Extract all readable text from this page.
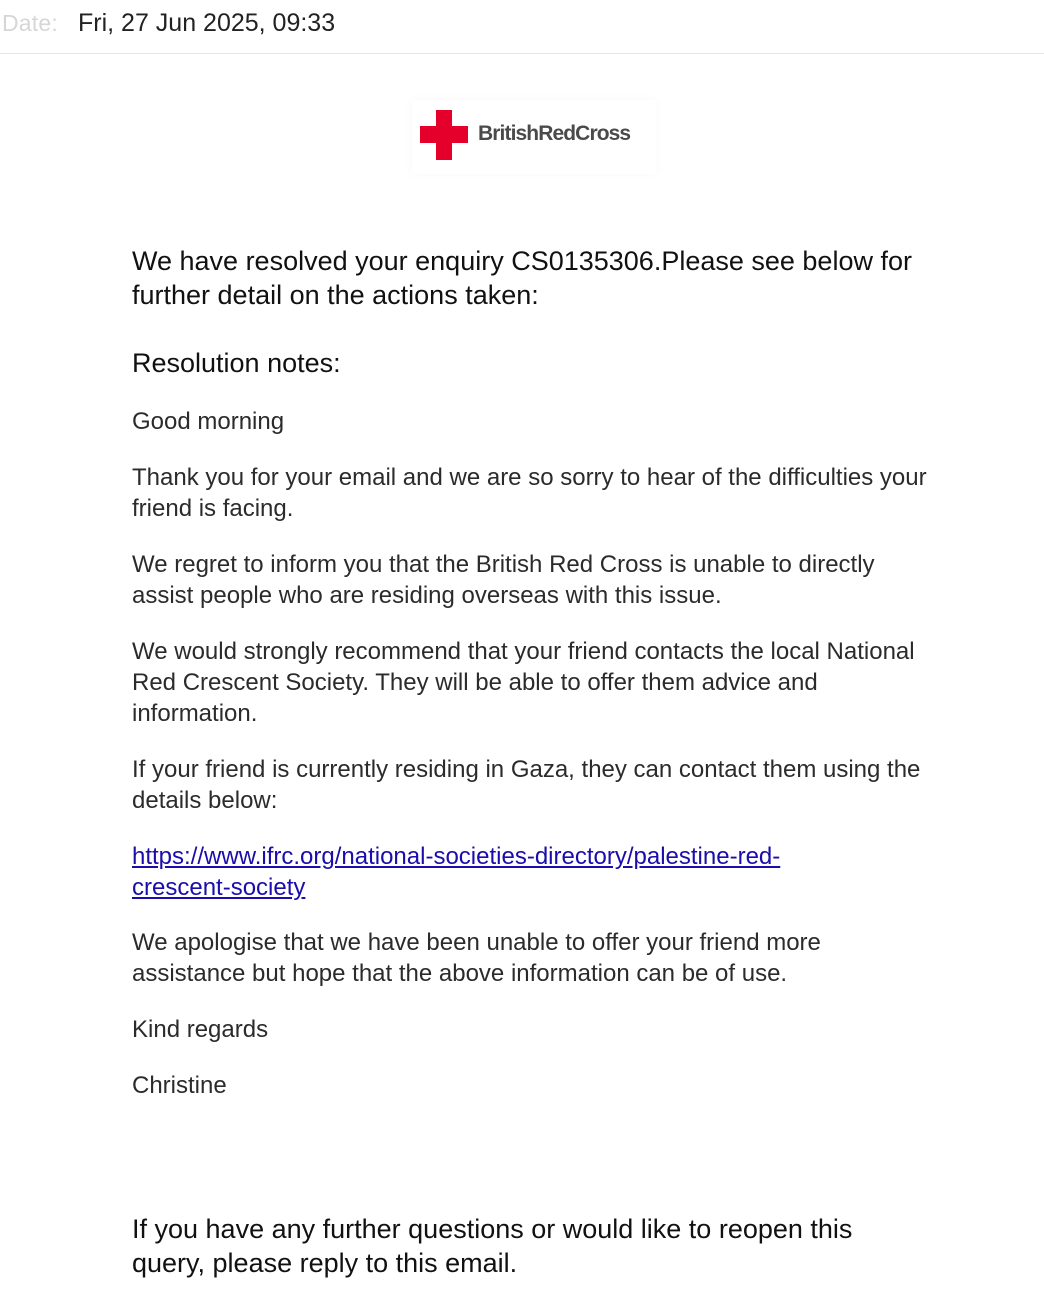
Date: Fri, 27 Jun 2025, 09:33
BritishRedCross

We have resolved your enquiry CS0135306.Please see below for further detail on the actions taken:

Resolution notes:

Good morning

Thank you for your email and we are so sorry to hear of the difficulties your friend is facing.

We regret to inform you that the British Red Cross is unable to directly assist people who are residing overseas with this issue.

We would strongly recommend that your friend contacts the local National Red Crescent Society. They will be able to offer them advice and information.

If your friend is currently residing in Gaza, they can contact them using the details below:

https://www.ifrc.org/national-societies-directory/palestine-red-
crescent-society

We apologise that we have been unable to offer your friend more assistance but hope that the above information can be of use.

Kind regards

Christine

If you have any further questions or would like to reopen this query, please reply to this email.
